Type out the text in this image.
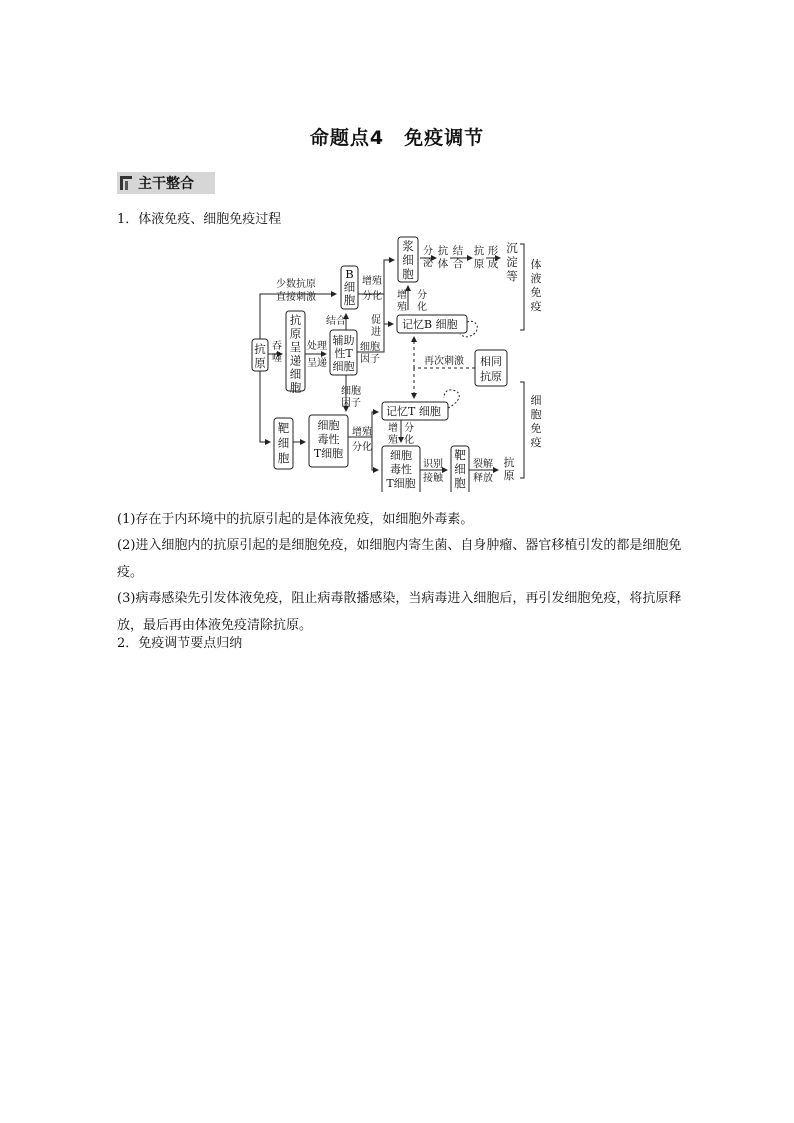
命题点4　免疫调节
主干整合
1．体液免疫、细胞免疫过程
抗原
抗原呈递细胞
辅助性T 细胞
B 细胞
浆细胞
记忆B 细胞
相同抗原
靶细胞
细胞毒性 T细胞
记忆T 细胞
细胞毒性 T细胞
靶细胞
抗原
沉淀等
少数抗原
直接刺激
吞噬
处理
呈递
结合	促进
细胞因子
增殖
分化
分泌
抗体
结合
抗原
形成
增殖
分化
再次刺激
细胞因子
增殖
分化
增殖
分化
识别
接触
裂解
释放
体液免疫
细胞免疫
(1)存在于内环境中的抗原引起的是体液免疫，如细胞外毒素。
(2)进入细胞内的抗原引起的是细胞免疫，如细胞内寄生菌、自身肿瘤、器官移植引发的都是细胞免疫。
(3)病毒感染先引发体液免疫，阻止病毒散播感染，当病毒进入细胞后，再引发细胞免疫，将抗原释放，最后再由体液免疫清除抗原。
2．免疫调节要点归纳
